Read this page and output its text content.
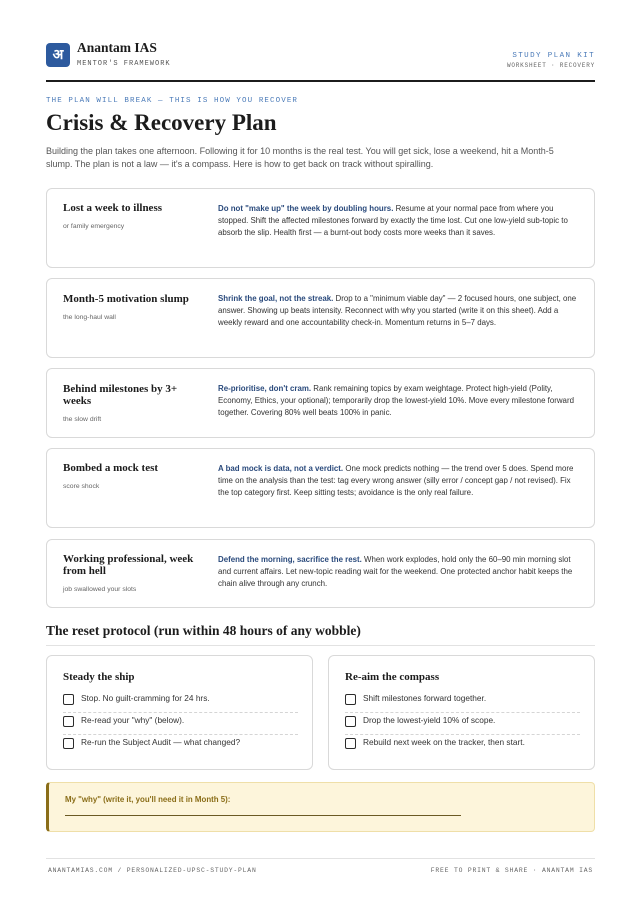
अ	Anantam IAS
MENTOR'S FRAMEWORK
STUDY PLAN KIT
WORKSHEET · RECOVERY
THE PLAN WILL BREAK — THIS IS HOW YOU RECOVER
Crisis & Recovery Plan
Building the plan takes one afternoon. Following it for 10 months is the real test. You will get sick, lose a weekend, hit a Month-5 slump. The plan is not a law — it's a compass. Here is how to get back on track without spiralling.
Lost a week to illness
or family emergency
Do not "make up" the week by doubling hours. Resume at your normal pace from where you stopped. Shift the affected milestones forward by exactly the time lost. Cut one low-yield sub-topic to absorb the slip. Health first — a burnt-out body costs more weeks than it saves.
Month-5 motivation slump
the long-haul wall
Shrink the goal, not the streak. Drop to a "minimum viable day" — 2 focused hours, one subject, one answer. Showing up beats intensity. Reconnect with why you started (write it on this sheet). Add a weekly reward and one accountability check-in. Momentum returns in 5–7 days.
Behind milestones by 3+ weeks
the slow drift
Re-prioritise, don't cram. Rank remaining topics by exam weightage. Protect high-yield (Polity, Economy, Ethics, your optional); temporarily drop the lowest-yield 10%. Move every milestone forward together. Covering 80% well beats 100% in panic.
Bombed a mock test
score shock
A bad mock is data, not a verdict. One mock predicts nothing — the trend over 5 does. Spend more time on the analysis than the test: tag every wrong answer (silly error / concept gap / not revised). Fix the top category first. Keep sitting tests; avoidance is the only real failure.
Working professional, week from hell
job swallowed your slots
Defend the morning, sacrifice the rest. When work explodes, hold only the 60–90 min morning slot and current affairs. Let new-topic reading wait for the weekend. One protected anchor habit keeps the chain alive through any crunch.
The reset protocol (run within 48 hours of any wobble)
Steady the ship
Stop. No guilt-cramming for 24 hrs.
Re-read your "why" (below).
Re-run the Subject Audit — what changed?
Re-aim the compass
Shift milestones forward together.
Drop the lowest-yield 10% of scope.
Rebuild next week on the tracker, then start.
My "why" (write it, you'll need it in Month 5):
ANANTAMIAS.COM / PERSONALIZED-UPSC-STUDY-PLAN	FREE TO PRINT & SHARE · ANANTAM IAS
